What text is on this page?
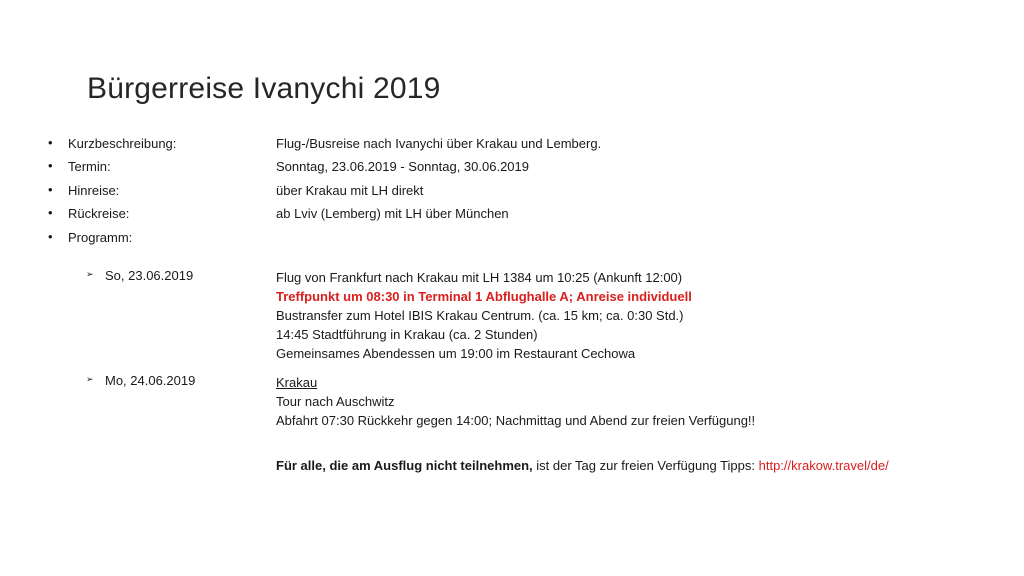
Bürgerreise Ivanychi 2019
• Kurzbeschreibung:	Flug-/Busreise nach Ivanychi über Krakau und Lemberg.
• Termin:	Sonntag, 23.06.2019 - Sonntag, 30.06.2019
• Hinreise:	über Krakau mit LH direkt
• Rückreise:	ab Lviv (Lemberg) mit LH über München
• Programm:
➢ So, 23.06.2019	Flug von Frankfurt nach Krakau mit LH 1384 um 10:25 (Ankunft 12:00)
Treffpunkt um 08:30 in Terminal 1 Abflughalle A; Anreise individuell
Bustransfer zum Hotel IBIS Krakau Centrum. (ca. 15 km; ca. 0:30 Std.)
14:45 Stadtführung in Krakau (ca. 2 Stunden)
Gemeinsames Abendessen um 19:00 im Restaurant Cechowa
➢ Mo, 24.06.2019	Krakau
Tour nach Auschwitz
Abfahrt 07:30 Rückkehr gegen 14:00; Nachmittag und Abend zur freien Verfügung!!
Für alle, die am Ausflug nicht teilnehmen, ist der Tag zur freien Verfügung Tipps: http://krakow.travel/de/
